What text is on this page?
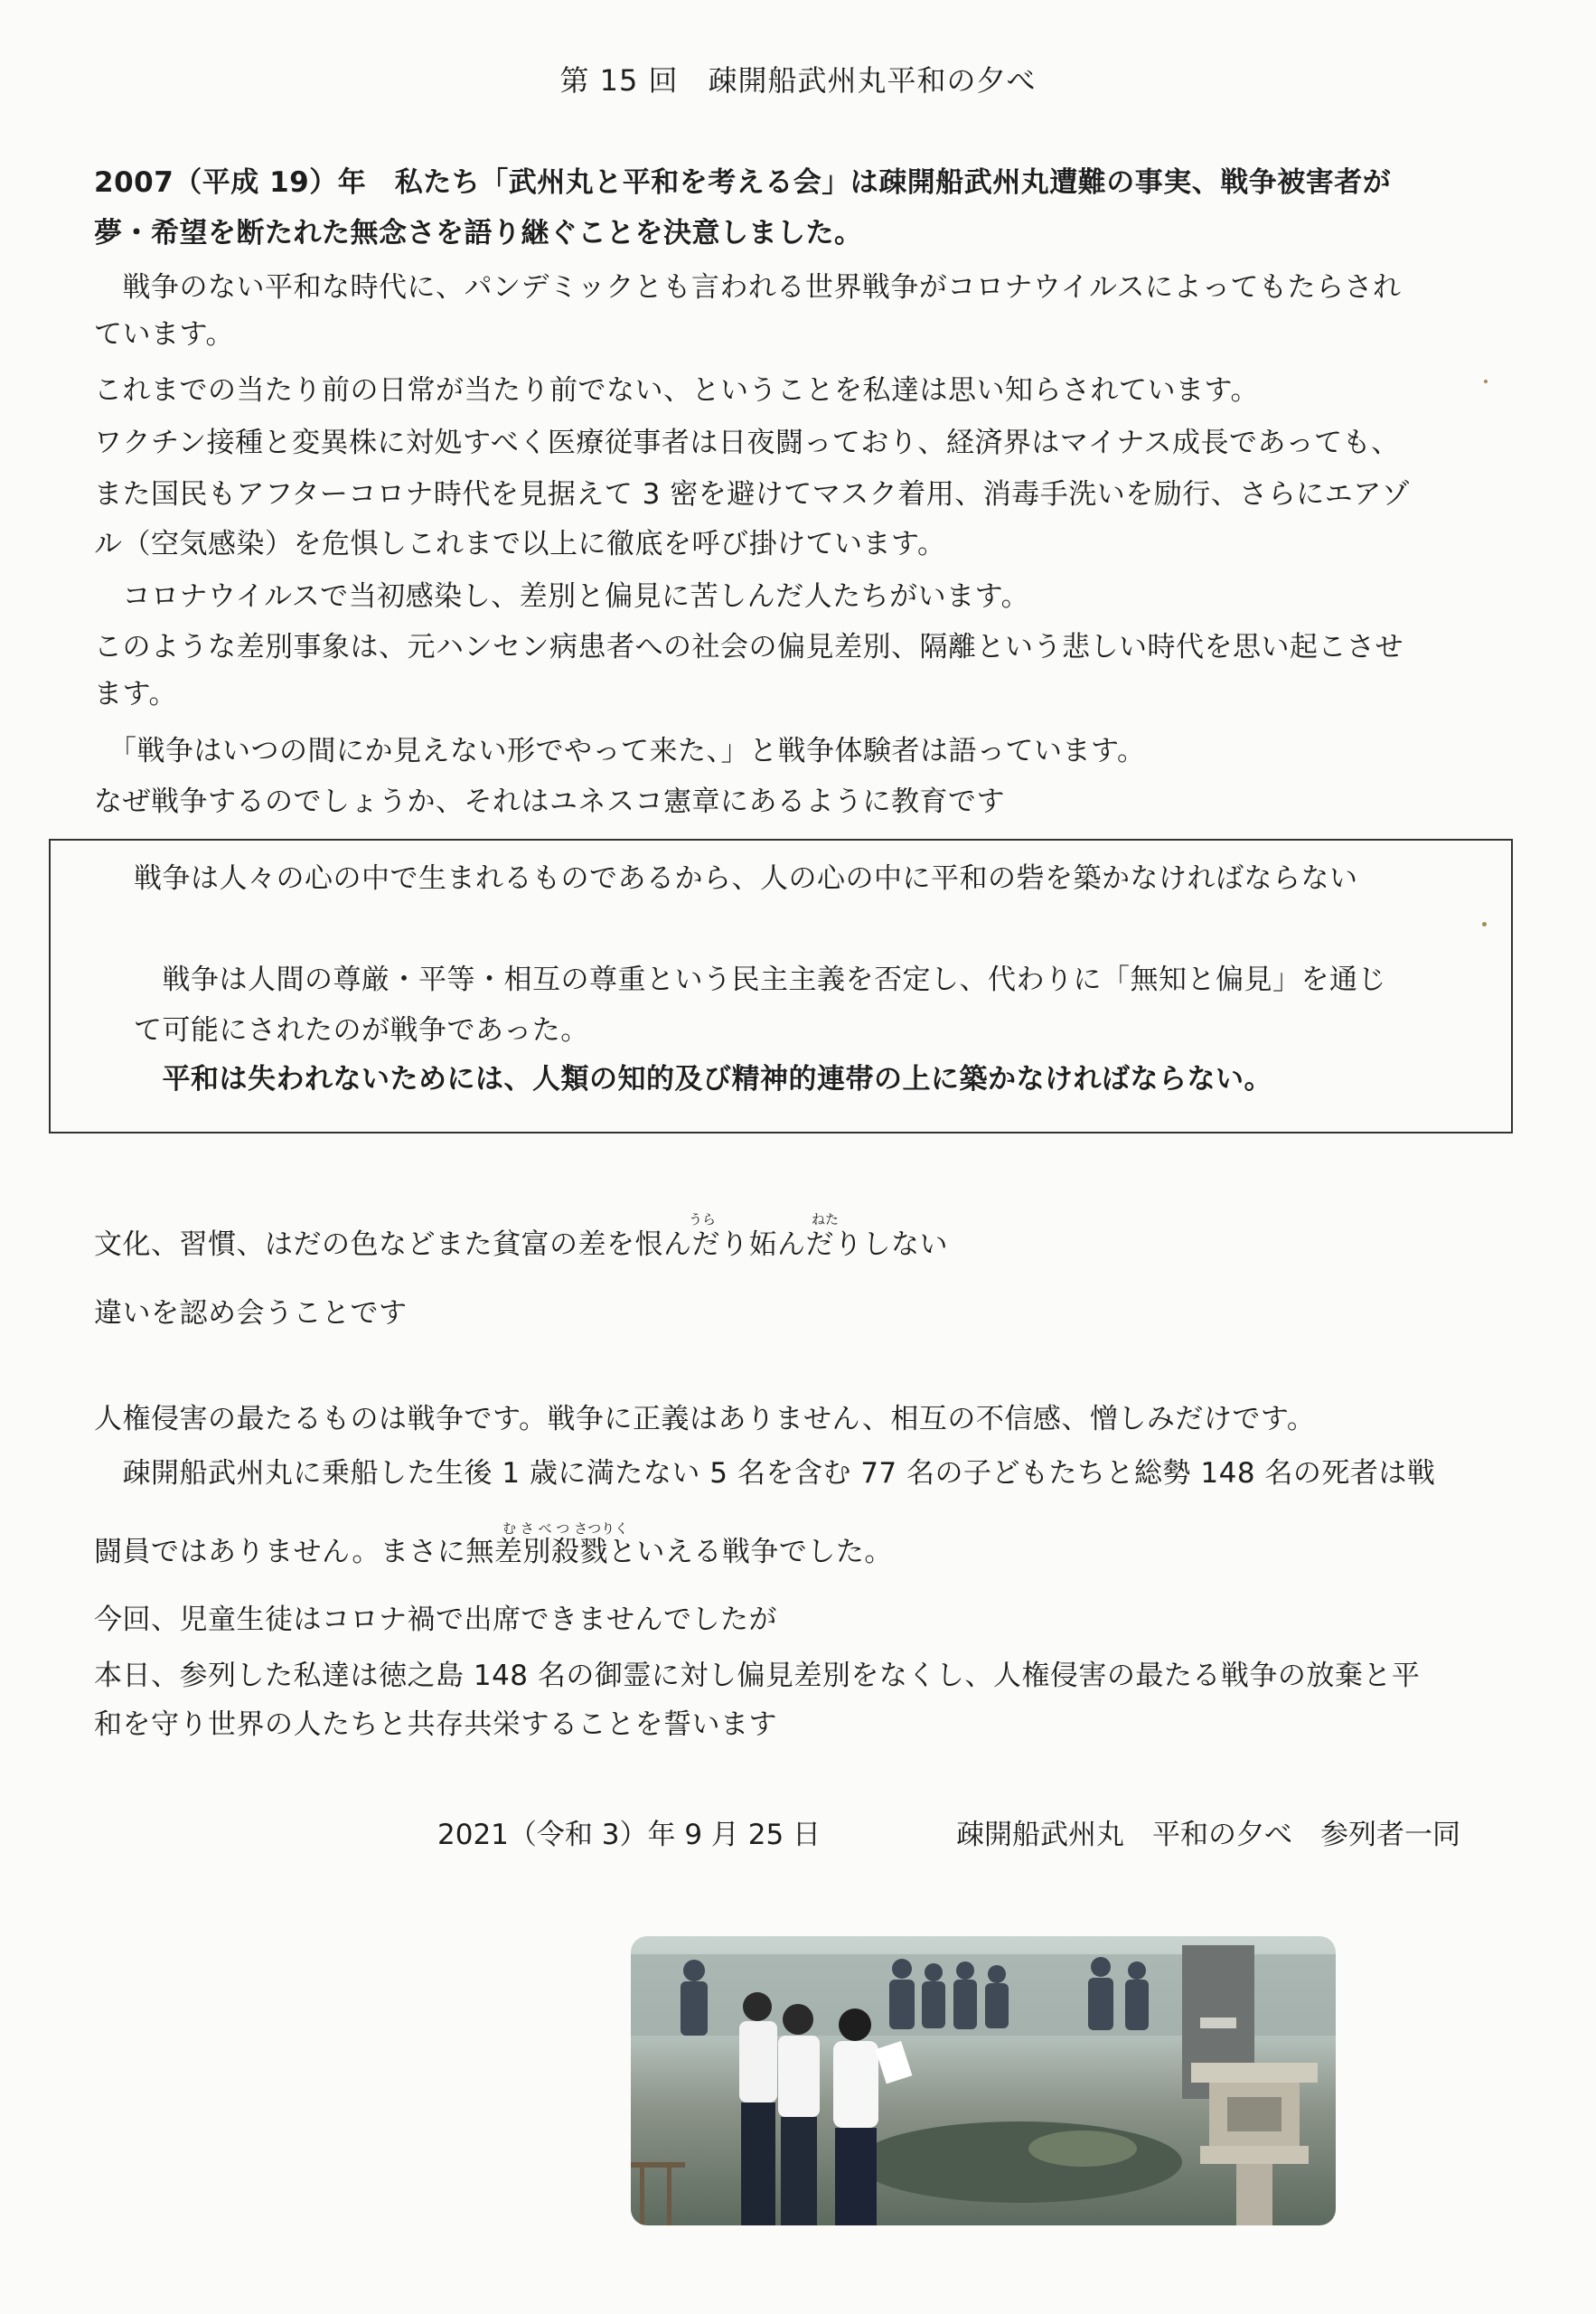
第 15 回　疎開船武州丸平和の夕べ
2007（平成 19）年　私たち「武州丸と平和を考える会」は疎開船武州丸遭難の事実、戦争被害者が
夢・希望を断たれた無念さを語り継ぐことを決意しました。
　戦争のない平和な時代に、パンデミックとも言われる世界戦争がコロナウイルスによってもたらされ
ています。
これまでの当たり前の日常が当たり前でない、ということを私達は思い知らされています。
ワクチン接種と変異株に対処すべく医療従事者は日夜闘っており、経済界はマイナス成長であっても、
また国民もアフターコロナ時代を見据えて 3 密を避けてマスク着用、消毒手洗いを励行、さらにエアゾ
ル（空気感染）を危惧しこれまで以上に徹底を呼び掛けています。
　コロナウイルスで当初感染し、差別と偏見に苦しんだ人たちがいます。
このような差別事象は、元ハンセン病患者への社会の偏見差別、隔離という悲しい時代を思い起こさせ
ます。
　「戦争はいつの間にか見えない形でやって来た、」と戦争体験者は語っています。
なぜ戦争するのでしょうか、それはユネスコ憲章にあるように教育です
戦争は人々の心の中で生まれるものであるから、人の心の中に平和の砦を築かなければならない
　戦争は人間の尊厳・平等・相互の尊重という民主主義を否定し、代わりに「無知と偏見」を通じ
て可能にされたのが戦争であった。
　平和は失われないためには、人類の知的及び精神的連帯の上に築かなければならない。
うら	ねた
文化、習慣、はだの色などまた貧富の差を恨んだり妬んだりしない
違いを認め会うことです
人権侵害の最たるものは戦争です。戦争に正義はありません、相互の不信感、憎しみだけです。
　疎開船武州丸に乗船した生後 1 歳に満たない 5 名を含む 77 名の子どもたちと総勢 148 名の死者は戦
む さ べ つ さつりく
闘員ではありません。まさに無差別殺戮といえる戦争でした。
今回、児童生徒はコロナ禍で出席できませんでしたが
本日、参列した私達は徳之島 148 名の御霊に対し偏見差別をなくし、人権侵害の最たる戦争の放棄と平
和を守り世界の人たちと共存共栄することを誓います
2021（令和 3）年 9 月 25 日	疎開船武州丸　平和の夕べ　参列者一同
